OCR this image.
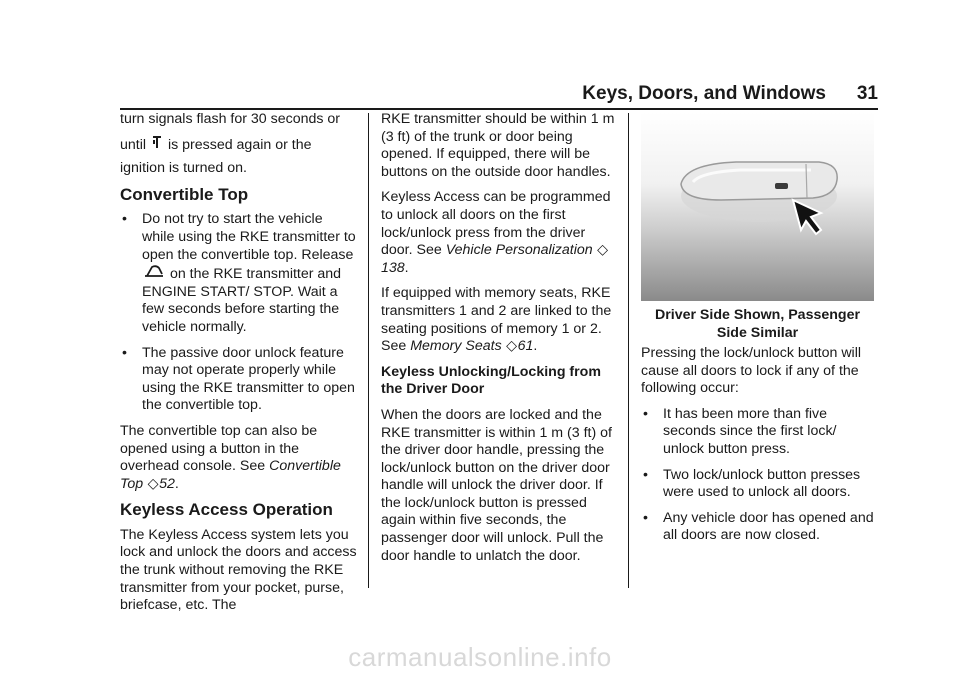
Keys, Doors, and Windows	31

turn signals flash for 30 seconds or

until is pressed again or the

ignition is turned on.

Convertible Top
• Do not try to start the vehicle while using the RKE transmitter to open the convertible top. Release  on the RKE transmitter and ENGINE START/ STOP. Wait a few seconds before starting the vehicle normally.
• The passive door unlock feature may not operate properly while using the RKE transmitter to open the convertible top.

The convertible top can also be opened using a button in the overhead console. See Convertible Top ◇52.

Keyless Access Operation

The Keyless Access system lets you lock and unlock the doors and access the trunk without removing the RKE transmitter from your pocket, purse, briefcase, etc. The

RKE transmitter should be within 1 m (3 ft) of the trunk or door being opened. If equipped, there will be buttons on the outside door handles.

Keyless Access can be programmed to unlock all doors on the first lock/unlock press from the driver door. See Vehicle Personalization ◇138.

If equipped with memory seats, RKE transmitters 1 and 2 are linked to the seating positions of memory 1 or 2. See Memory Seats ◇61.

Keyless Unlocking/Locking from the Driver Door

When the doors are locked and the RKE transmitter is within 1 m (3 ft) of the driver door handle, pressing the lock/unlock button on the driver door handle will unlock the driver door. If the lock/unlock button is pressed again within five seconds, the passenger door will unlock. Pull the door handle to unlatch the door.

Driver Side Shown, Passenger Side Similar

Pressing the lock/unlock button will cause all doors to lock if any of the following occur:

• It has been more than five seconds since the first lock/ unlock button press.
• Two lock/unlock button presses were used to unlock all doors.
• Any vehicle door has opened and all doors are now closed.
carmanualsonline.info
